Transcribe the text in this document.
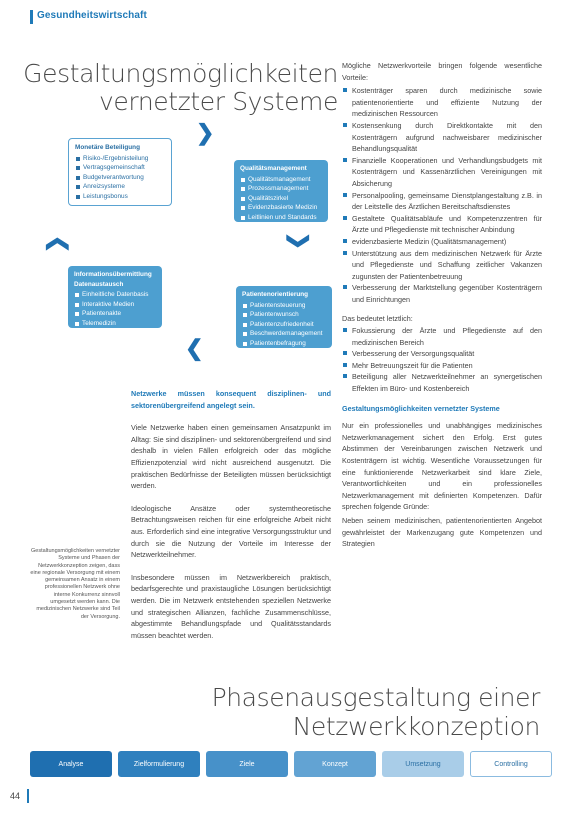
Gesundheitswirtschaft
Gestaltungsmöglichkeiten
vernetzter Systeme
Monetäre Beteiligung
Risiko-/Ergebnisteilung
Vertragsgemeinschaft
Budgetverantwortung
Anreizsysteme
Leistungsbonus
❯
Qualitätsmanagement
Qualitätsmanagement
Prozessmanagement
Qualitätszirkel
Evidenzbasierte Medizin
Leitlinien und Standards
❯	❯
Informationsübermittlung
Datenaustausch
Einheitliche Datenbasis
Interaktive Medien
Patientenakte
Telemedizin
Patientenorientierung
Patientensteuerung
Patientenwunsch
Patientenzufriedenheit
Beschwerdemanagement
Patientenbefragung
❯
Netzwerke müssen konsequent disziplinen- und sektorenübergreifend angelegt sein.

Viele Netzwerke haben einen gemeinsamen Ansatzpunkt im Alltag: Sie sind disziplinen- und sektorenübergreifend und sind deshalb in vielen Fällen erfolgreich oder das mögliche Effizienzpotenzial wird nicht ausreichend ausgenutzt. Die praktischen Bedürfnisse der Beteiligten müssen berücksichtigt werden.

Ideologische Ansätze oder systemtheoretische Betrachtungsweisen reichen für eine erfolgreiche Arbeit nicht aus. Erforderlich sind eine integrative Versorgungsstruktur und durch sie die Nutzung der Vorteile im Interesse der Netzwerkteilnehmer.

Insbesondere müssen im Netzwerkbereich praktisch, bedarfsgerechte und praxistaugliche Lösungen berücksichtigt werden. Die im Netzwerk entstehenden speziellen Netzwerke und strategischen Allianzen, fachliche Zusammenschlüsse, abgestimmte Behandlungspfade und Qualitätsstandards müssen beachtet werden.

Gestaltungsmöglichkeiten vernetzter Systeme und Phasen der Netzwerkkonzeption zeigen, dass eine regionale Versorgung mit einem gemeinsamen Ansatz in einem professionellen Netzwerk ohne interne Konkurrenz sinnvoll umgesetzt werden kann. Die medizinischen Netzwerke sind Teil der Versorgung.
Mögliche Netzwerkvorteile bringen folgende wesentliche Vorteile:
Kostenträger sparen durch medizinische sowie patientenorientierte und effiziente Nutzung der medizinischen Ressourcen
Kostensenkung durch Direktkontakte mit den Kostenträgern aufgrund nachweisbarer medizinischer Behandlungsqualität
Finanzielle Kooperationen und Verhandlungsbudgets mit Kostenträgern und Kassenärztlichen Vereinigungen mit Absicherung
Personalpooling, gemeinsame Dienstplangestaltung z.B. in der Leitstelle des Ärztlichen Bereitschaftsdienstes
Gestaltete Qualitätsabläufe und Kompetenzzentren für Ärzte und Pflegedienste mit technischer Anbindung
evidenzbasierte Medizin (Qualitätsmanagement)
Unterstützung aus dem medizinischen Netzwerk für Ärzte und Pflegedienste und Schaffung zeitlicher Vakanzen zugunsten der Patientenbetreuung
Verbesserung der Marktstellung gegenüber Kostenträgern und Einrichtungen
Das bedeutet letztlich:
Fokussierung der Ärzte und Pflegedienste auf den medizinischen Bereich
Verbesserung der Versorgungsqualität
Mehr Betreuungszeit für die Patienten
Beteiligung aller Netzwerkteilnehmer an synergetischen Effekten im Büro- und Kostenbereich
Gestaltungsmöglichkeiten vernetzter Systeme

Nur ein professionelles und unabhängiges medizinisches Netzwerkmanagement sichert den Erfolg. Erst gutes Abstimmen der Vereinbarungen zwischen Netzwerk und Kostenträgern ist wichtig. Wesentliche Voraussetzungen für eine funktionierende Netzwerkarbeit sind klare Ziele, Verantwortlichkeiten und ein professionelles Netzwerkmanagement mit definierten Kompetenzen. Dafür sprechen folgende Gründe:

Neben seinem medizinischen, patientenorientierten Angebot gewährleistet der Markenzugang gute Kompetenzen und Strategien

Phasenausgestaltung einer
Netzwerkkonzeption
Analyse	Zielformulierung	Ziele	Konzept	Umsetzung	Controlling
44
